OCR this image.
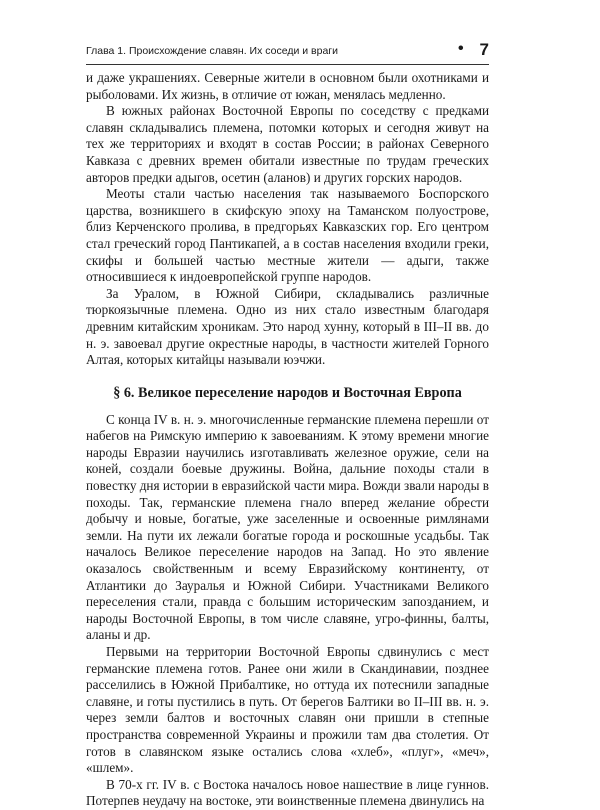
Глава 1. Происхождение славян. Их соседи и враги	• 7

и даже украшениях. Северные жители в основном были охотниками и рыболовами. Их жизнь, в отличие от южан, менялась медленно.

В южных районах Восточной Европы по соседству с предками славян складывались племена, потомки которых и сегодня живут на тех же территориях и входят в состав России; в районах Северного Кавказа с древних времен обитали известные по трудам греческих авторов предки адыгов, осетин (аланов) и других горских народов.

Меоты стали частью населения так называемого Боспорского царства, возникшего в скифскую эпоху на Таманском полуострове, близ Керченского пролива, в предгорьях Кавказских гор. Его центром стал греческий город Пантикапей, а в состав населения входили греки, скифы и большей частью местные жители — адыги, также относившиеся к индоевропейской группе народов.

За Уралом, в Южной Сибири, складывались различные тюркоязычные племена. Одно из них стало известным благодаря древним китайским хроникам. Это народ хунну, который в III–II вв. до н. э. завоевал другие окрестные народы, в частности жителей Горного Алтая, которых китайцы называли юэчжи.

§ 6. Великое переселение народов и Восточная Европа

С конца IV в. н. э. многочисленные германские племена перешли от набегов на Римскую империю к завоеваниям. К этому времени многие народы Евразии научились изготавливать железное оружие, сели на коней, создали боевые дружины. Война, дальние походы стали в повестку дня истории в евразийской части мира. Вожди звали народы в походы. Так, германские племена гнало вперед желание обрести добычу и новые, богатые, уже заселенные и освоенные римлянами земли. На пути их лежали богатые города и роскошные усадьбы. Так началось Великое переселение народов на Запад. Но это явление оказалось свойственным и всему Евразийскому континенту, от Атлантики до Зауралья и Южной Сибири. Участниками Великого переселения стали, правда с большим историческим запозданием, и народы Восточной Европы, в том числе славяне, угро-финны, балты, аланы и др.

Первыми на территории Восточной Европы сдвинулись с мест германские племена готов. Ранее они жили в Скандинавии, позднее расселились в Южной Прибалтике, но оттуда их потеснили западные славяне, и готы пустились в путь. От берегов Балтики во II–III вв. н. э. через земли балтов и восточных славян они пришли в степные пространства современной Украины и прожили там два столетия. От готов в славянском языке остались слова «хлеб», «плуг», «меч», «шлем».

В 70-х гг. IV в. с Востока началось новое нашествие в лице гуннов. Потерпев неудачу на востоке, эти воинственные племена двинулись на
